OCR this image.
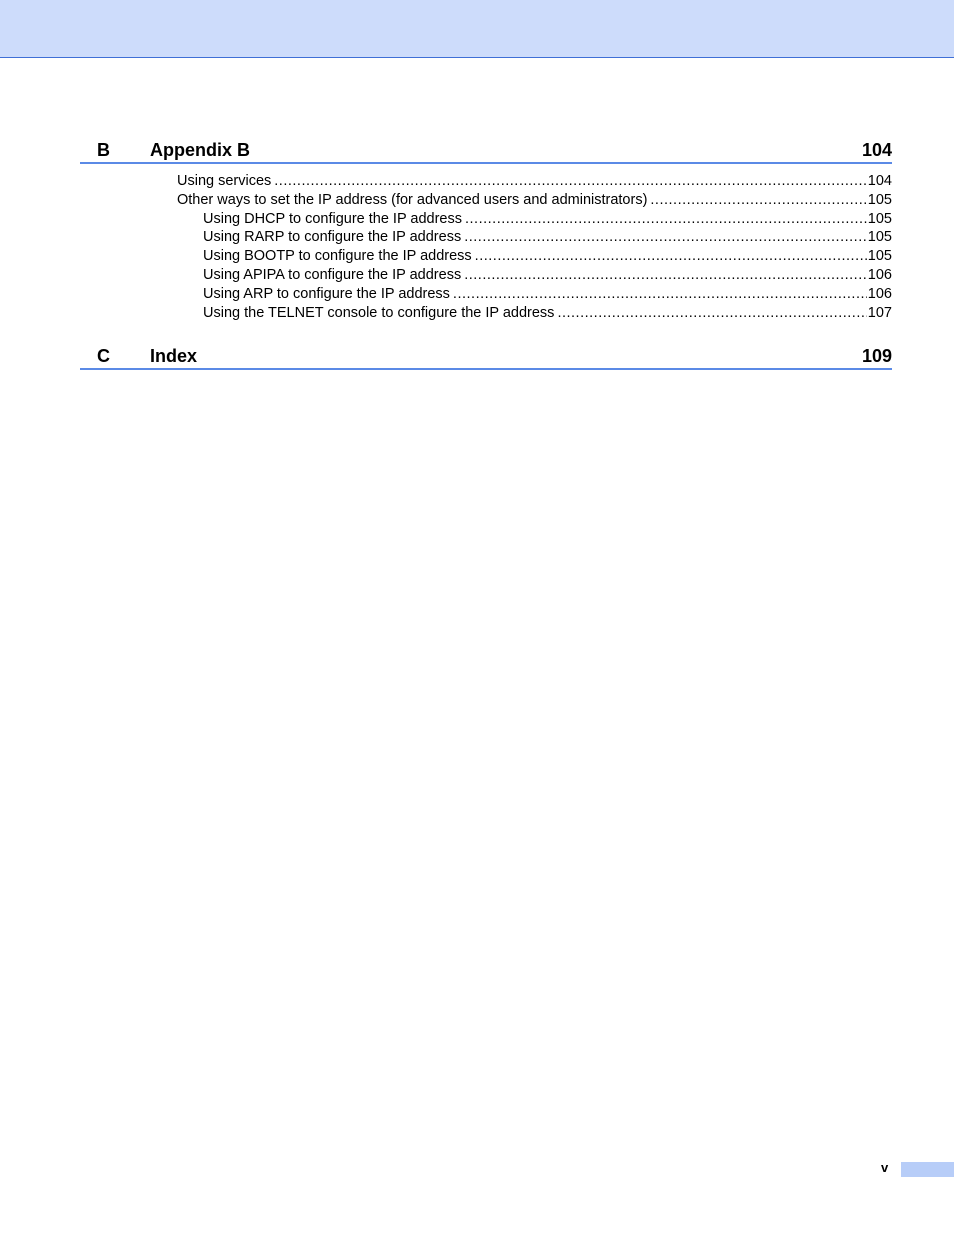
B Appendix B	104
Using services .....	104
Other ways to set the IP address (for advanced users and administrators) .....	105
Using DHCP to configure the IP address .....	105
Using RARP to configure the IP address .....	105
Using BOOTP to configure the IP address .....	105
Using APIPA to configure the IP address .....	106
Using ARP to configure the IP address .....	106
Using the TELNET console to configure the IP address .....	107
C Index	109
v
